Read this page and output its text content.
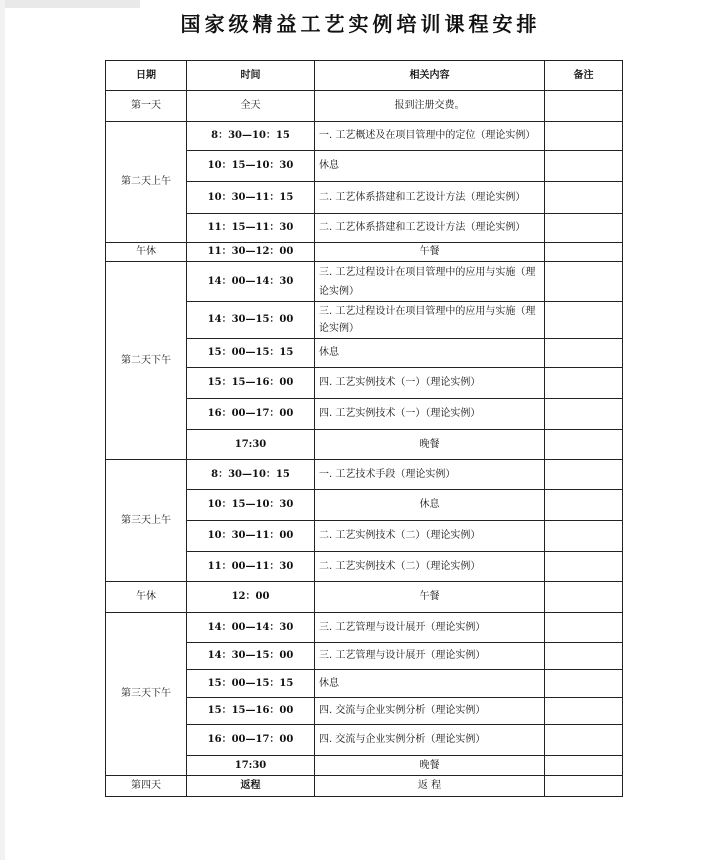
国家级精益工艺实例培训课程安排
日期	时间	相关内容	备注
第一天	全天	报到注册交费。	
第二天上午	8：30—10：15	一. 工艺概述及在项目管理中的定位（理论实例）	
	10：15—10：30	休息	
	10：30—11：15	二. 工艺体系搭建和工艺设计方法（理论实例）	
	11：15—11：30	二. 工艺体系搭建和工艺设计方法（理论实例）	
午休	11：30—12：00	午餐	
第二天下午	14：00—14：30	三. 工艺过程设计在项目管理中的应用与实施（理论实例）	
	14：30—15：00	三. 工艺过程设计在项目管理中的应用与实施（理论实例）	
	15：00—15：15	休息	
	15：15—16：00	四. 工艺实例技术（一）（理论实例）	
	16：00—17：00	四. 工艺实例技术（一）（理论实例）	
	17:30	晚餐	
第三天上午	8：30—10：15	一. 工艺技术手段（理论实例）	
	10：15—10：30	休息	
	10：30—11：00	二. 工艺实例技术（二）（理论实例）	
	11：00—11：30	二. 工艺实例技术（二）（理论实例）	
午休	12：00	午餐	
第三天下午	14：00—14：30	三. 工艺管理与设计展开（理论实例）	
	14：30—15：00	三. 工艺管理与设计展开（理论实例）	
	15：00—15：15	休息	
	15：15—16：00	四. 交流与企业实例分析（理论实例）	
	16：00—17：00	四. 交流与企业实例分析（理论实例）	
	17:30	晚餐	
第四天	返程	返 程	
